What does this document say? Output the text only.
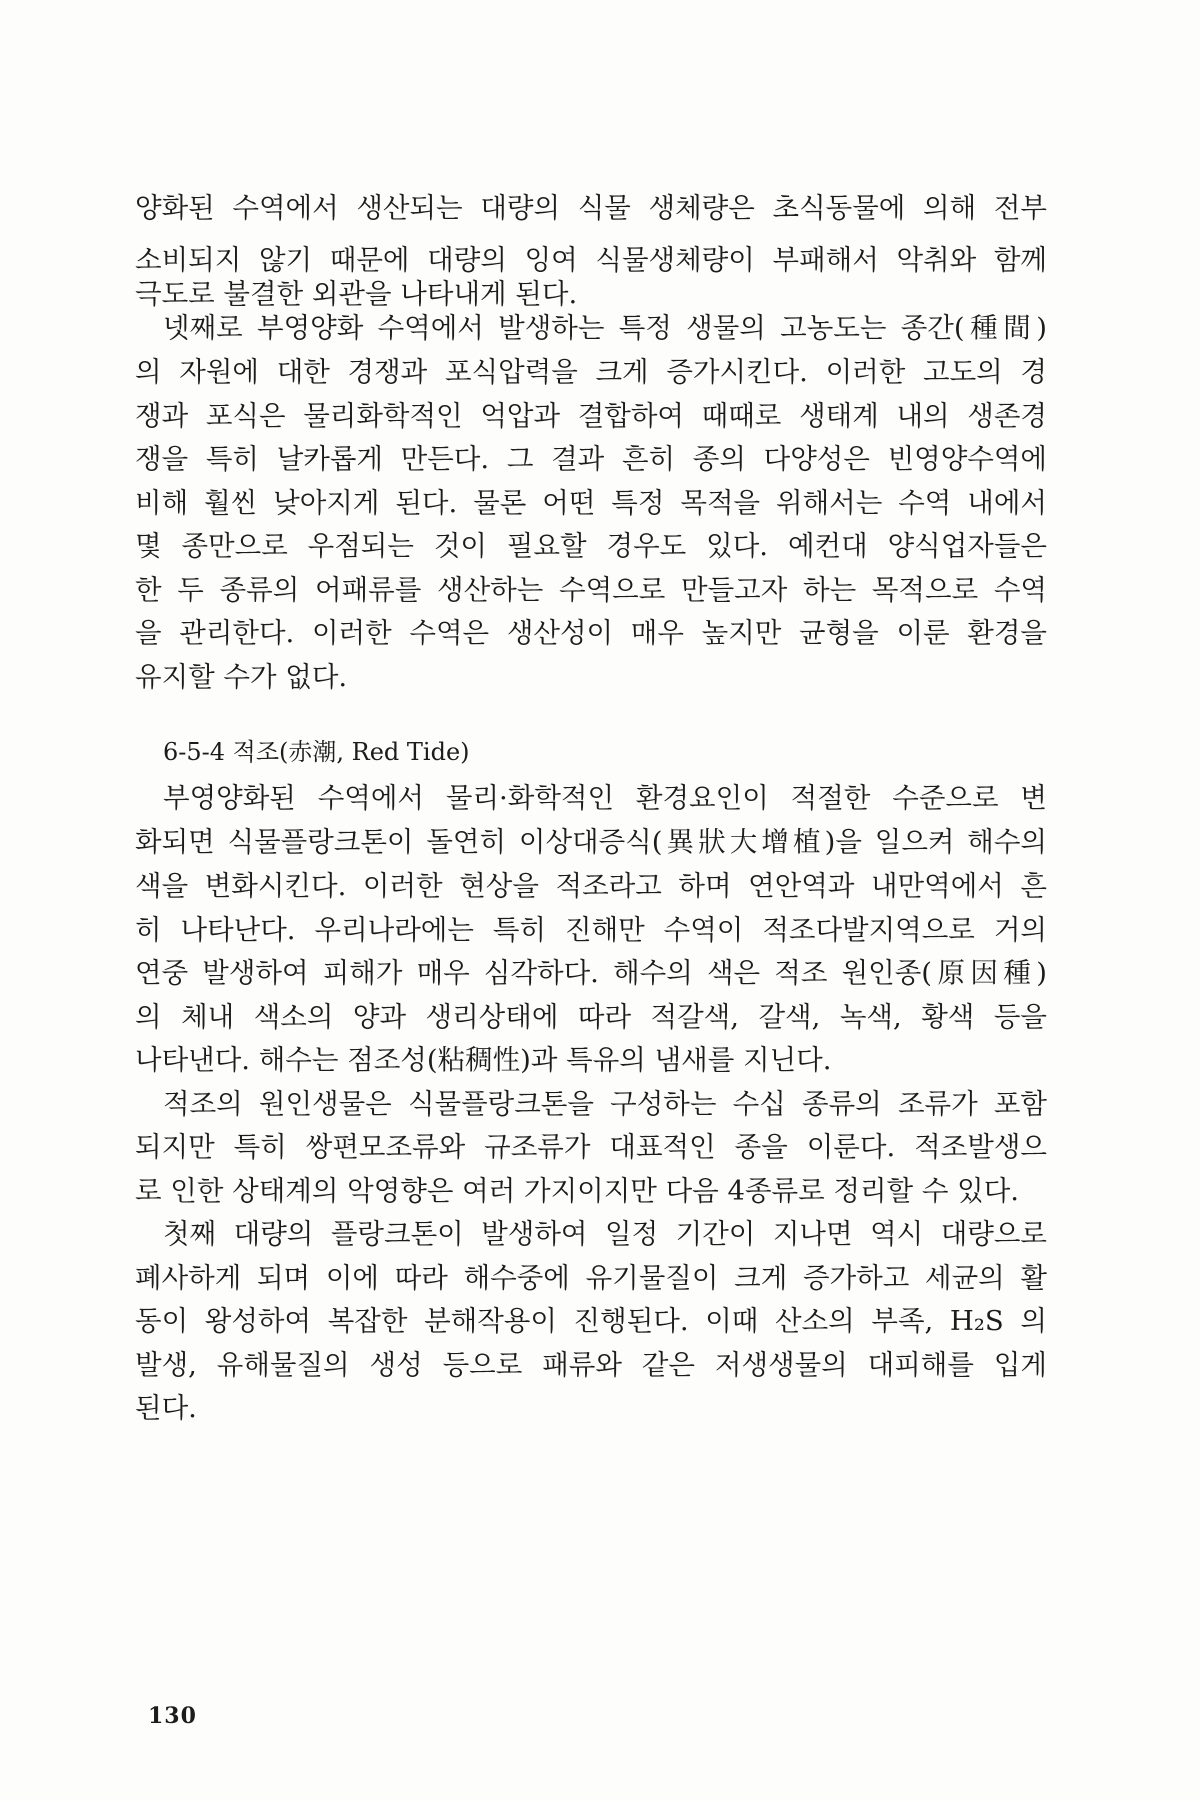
양화된 수역에서 생산되는 대량의 식물 생체량은 초식동물에 의해 전부
소비되지 않기 때문에 대량의 잉여 식물생체량이 부패해서 악취와 함께
극도로 불결한 외관을 나타내게 된다.
넷째로 부영양화 수역에서 발생하는 특정 생물의 고농도는 종간(種間)
의 자원에 대한 경쟁과 포식압력을 크게 증가시킨다. 이러한 고도의 경
쟁과 포식은 물리화학적인 억압과 결합하여 때때로 생태계 내의 생존경
쟁을 특히 날카롭게 만든다. 그 결과 흔히 종의 다양성은 빈영양수역에
비해 훨씬 낮아지게 된다. 물론 어떤 특정 목적을 위해서는 수역 내에서
몇 종만으로 우점되는 것이 필요할 경우도 있다. 예컨대 양식업자들은
한 두 종류의 어패류를 생산하는 수역으로 만들고자 하는 목적으로 수역
을 관리한다. 이러한 수역은 생산성이 매우 높지만 균형을 이룬 환경을
유지할 수가 없다.
6-5-4 적조(赤潮, Red Tide)
부영양화된 수역에서 물리·화학적인 환경요인이 적절한 수준으로 변
화되면 식물플랑크톤이 돌연히 이상대증식(異狀大增植)을 일으켜 해수의
색을 변화시킨다. 이러한 현상을 적조라고 하며 연안역과 내만역에서 흔
히 나타난다. 우리나라에는 특히 진해만 수역이 적조다발지역으로 거의
연중 발생하여 피해가 매우 심각하다. 해수의 색은 적조 원인종(原因種)
의 체내 색소의 양과 생리상태에 따라 적갈색, 갈색, 녹색, 황색 등을
나타낸다. 해수는 점조성(粘稠性)과 특유의 냄새를 지닌다.
적조의 원인생물은 식물플랑크톤을 구성하는 수십 종류의 조류가 포함
되지만 특히 쌍편모조류와 규조류가 대표적인 종을 이룬다. 적조발생으
로 인한 상태계의 악영향은 여러 가지이지만 다음 4종류로 정리할 수 있다.
첫째 대량의 플랑크톤이 발생하여 일정 기간이 지나면 역시 대량으로
폐사하게 되며 이에 따라 해수중에 유기물질이 크게 증가하고 세균의 활
동이 왕성하여 복잡한 분해작용이 진행된다. 이때 산소의 부족, H₂S 의
발생, 유해물질의 생성 등으로 패류와 같은 저생생물의 대피해를 입게
된다.
130
